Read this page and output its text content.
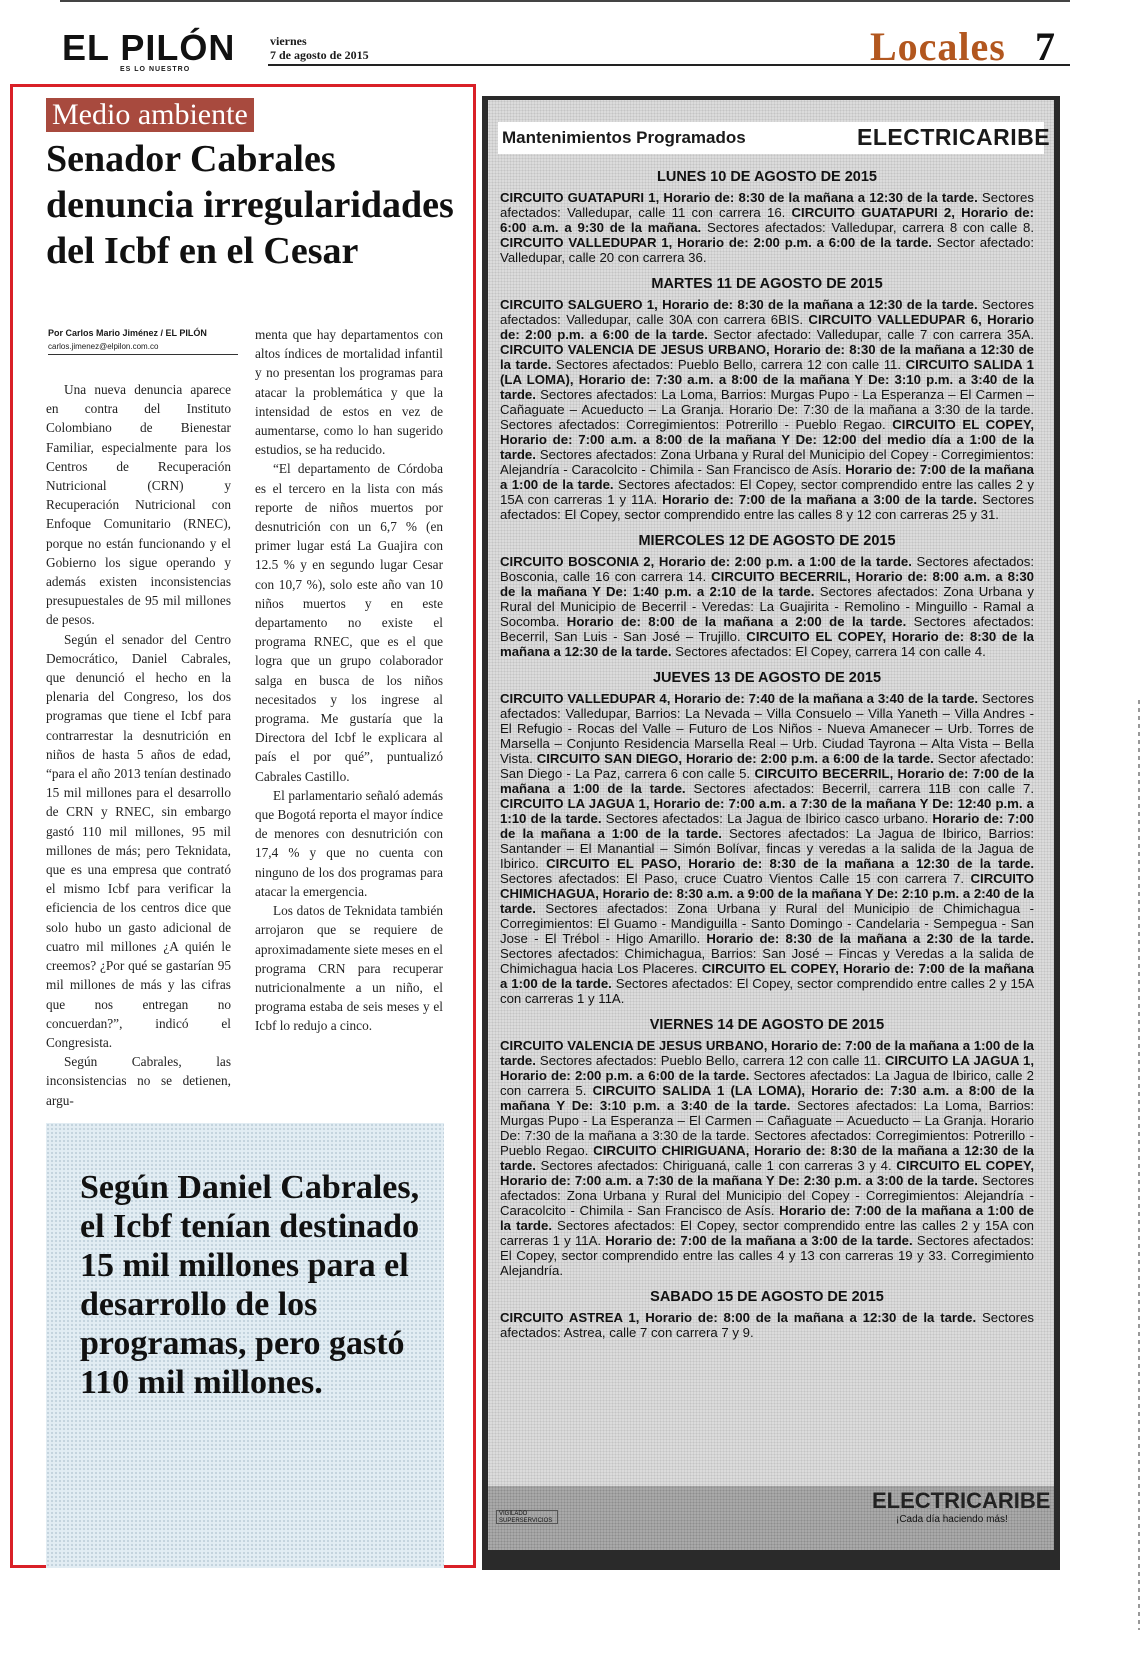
EL PILÓN
ES LO NUESTRO
viernes
7 de agosto de 2015	Locales 7
Medio ambiente
Senador Cabrales denuncia irregularidades del Icbf en el Cesar
Por Carlos Mario Jiménez / EL PILÓN
carlos.jimenez@elpilon.com.co

Una nueva denuncia aparece en contra del Instituto Colombiano de Bienestar Familiar, especialmente para los Centros de Recuperación Nutricional (CRN) y Recuperación Nutricional con Enfoque Comunitario (RNEC), porque no están funcionando y el Gobierno los sigue operando y además existen inconsistencias presupuestales de 95 mil millones de pesos.

Según el senador del Centro Democrático, Daniel Cabrales, que denunció el hecho en la plenaria del Congreso, los dos programas que tiene el Icbf para contrarrestar la desnutrición en niños de hasta 5 años de edad, “para el año 2013 tenían destinado 15 mil millones para el desarrollo de CRN y RNEC, sin embargo gastó 110 mil millones, 95 mil millones de más; pero Teknidata, que es una empresa que contrató el mismo Icbf para verificar la eficiencia de los centros dice que solo hubo un gasto adicional de cuatro mil millones ¿A quién le creemos? ¿Por qué se gastarían 95 mil millones de más y las cifras que nos entregan no concuerdan?”, indicó el Congresista.

Según Cabrales, las inconsistencias no se detienen, argu-

menta que hay departamentos con altos índices de mortalidad infantil y no presentan los programas para atacar la problemática y que la intensidad de estos en vez de aumentarse, como lo han sugerido estudios, se ha reducido.

“El departamento de Córdoba es el tercero en la lista con más reporte de niños muertos por desnutrición con un 6,7 % (en primer lugar está La Guajira con 12.5 % y en segundo lugar Cesar con 10,7 %), solo este año van 10 niños muertos y en este departamento no existe el programa RNEC, que es el que logra que un grupo colaborador salga en busca de los niños necesitados y los ingrese al programa. Me gustaría que la Directora del Icbf le explicara al país el por qué”, puntualizó Cabrales Castillo.

El parlamentario señaló además que Bogotá reporta el mayor índice de menores con desnutrición con 17,4 % y que no cuenta con ninguno de los dos programas para atacar la emergencia.

Los datos de Teknidata también arrojaron que se requiere de aproximadamente siete meses en el programa CRN para recuperar nutricionalmente a un niño, el programa estaba de seis meses y el Icbf lo redujo a cinco.

Según Daniel Cabrales, el Icbf tenían destinado 15 mil millones para el desarrollo de los programas, pero gastó 110 mil millones.
Mantenimientos Programados	ELECTRICARIBE
LUNES 10 DE AGOSTO DE 2015

CIRCUITO GUATAPURI 1, Horario de: 8:30 de la mañana a 12:30 de la tarde. Sectores afectados: Valledupar, calle 11 con carrera 16. CIRCUITO GUATAPURI 2, Horario de: 6:00 a.m. a 9:30 de la mañana. Sectores afectados: Valledupar, carrera 8 con calle 8. CIRCUITO VALLEDUPAR 1, Horario de: 2:00 p.m. a 6:00 de la tarde. Sector afectado: Valledupar, calle 20 con carrera 36.

MARTES 11 DE AGOSTO DE 2015

CIRCUITO SALGUERO 1, Horario de: 8:30 de la mañana a 12:30 de la tarde. Sectores afectados: Valledupar, calle 30A con carrera 6BIS. CIRCUITO VALLEDUPAR 6, Horario de: 2:00 p.m. a 6:00 de la tarde. Sector afectado: Valledupar, calle 7 con carrera 35A. CIRCUITO VALENCIA DE JESUS URBANO, Horario de: 8:30 de la mañana a 12:30 de la tarde. Sectores afectados: Pueblo Bello, carrera 12 con calle 11. CIRCUITO SALIDA 1 (LA LOMA), Horario de: 7:30 a.m. a 8:00 de la mañana Y De: 3:10 p.m. a 3:40 de la tarde. Sectores afectados: La Loma, Barrios: Murgas Pupo - La Esperanza – El Carmen – Cañaguate – Acueducto – La Granja. Horario De: 7:30 de la mañana a 3:30 de la tarde. Sectores afectados: Corregimientos: Potrerillo - Pueblo Regao. CIRCUITO EL COPEY, Horario de: 7:00 a.m. a 8:00 de la mañana Y De: 12:00 del medio día a 1:00 de la tarde. Sectores afectados: Zona Urbana y Rural del Municipio del Copey - Corregimientos: Alejandría - Caracolcito - Chimila - San Francisco de Asís. Horario de: 7:00 de la mañana a 1:00 de la tarde. Sectores afectados: El Copey, sector comprendido entre las calles 2 y 15A con carreras 1 y 11A. Horario de: 7:00 de la mañana a 3:00 de la tarde. Sectores afectados: El Copey, sector comprendido entre las calles 8 y 12 con carreras 25 y 31.

MIERCOLES 12 DE AGOSTO DE 2015

CIRCUITO BOSCONIA 2, Horario de: 2:00 p.m. a 1:00 de la tarde. Sectores afectados: Bosconia, calle 16 con carrera 14. CIRCUITO BECERRIL, Horario de: 8:00 a.m. a 8:30 de la mañana Y De: 1:40 p.m. a 2:10 de la tarde. Sectores afectados: Zona Urbana y Rural del Municipio de Becerril - Veredas: La Guajirita - Remolino - Minguillo - Ramal a Socomba. Horario de: 8:00 de la mañana a 2:00 de la tarde. Sectores afectados: Becerril, San Luis - San José – Trujillo. CIRCUITO EL COPEY, Horario de: 8:30 de la mañana a 12:30 de la tarde. Sectores afectados: El Copey, carrera 14 con calle 4.

JUEVES 13 DE AGOSTO DE 2015

CIRCUITO VALLEDUPAR 4, Horario de: 7:40 de la mañana a 3:40 de la tarde. Sectores afectados: Valledupar, Barrios: La Nevada – Villa Consuelo – Villa Yaneth – Villa Andres - El Refugio - Rocas del Valle – Futuro de Los Niños - Nueva Amanecer – Urb. Torres de Marsella – Conjunto Residencia Marsella Real – Urb. Ciudad Tayrona – Alta Vista – Bella Vista. CIRCUITO SAN DIEGO, Horario de: 2:00 p.m. a 6:00 de la tarde. Sector afectado: San Diego - La Paz, carrera 6 con calle 5. CIRCUITO BECERRIL, Horario de: 7:00 de la mañana a 1:00 de la tarde. Sectores afectados: Becerril, carrera 11B con calle 7. CIRCUITO LA JAGUA 1, Horario de: 7:00 a.m. a 7:30 de la mañana Y De: 12:40 p.m. a 1:10 de la tarde. Sectores afectados: La Jagua de Ibirico casco urbano. Horario de: 7:00 de la mañana a 1:00 de la tarde. Sectores afectados: La Jagua de Ibirico, Barrios: Santander – El Manantial – Simón Bolívar, fincas y veredas a la salida de la Jagua de Ibirico. CIRCUITO EL PASO, Horario de: 8:30 de la mañana a 12:30 de la tarde. Sectores afectados: El Paso, cruce Cuatro Vientos Calle 15 con carrera 7. CIRCUITO CHIMICHAGUA, Horario de: 8:30 a.m. a 9:00 de la mañana Y De: 2:10 p.m. a 2:40 de la tarde. Sectores afectados: Zona Urbana y Rural del Municipio de Chimichagua - Corregimientos: El Guamo - Mandiguilla - Santo Domingo - Candelaria - Sempegua - San Jose - El Trébol - Higo Amarillo. Horario de: 8:30 de la mañana a 2:30 de la tarde. Sectores afectados: Chimichagua, Barrios: San José – Fincas y Veredas a la salida de Chimichagua hacia Los Placeres. CIRCUITO EL COPEY, Horario de: 7:00 de la mañana a 1:00 de la tarde. Sectores afectados: El Copey, sector comprendido entre calles 2 y 15A con carreras 1 y 11A.

VIERNES 14 DE AGOSTO DE 2015

CIRCUITO VALENCIA DE JESUS URBANO, Horario de: 7:00 de la mañana a 1:00 de la tarde. Sectores afectados: Pueblo Bello, carrera 12 con calle 11. CIRCUITO LA JAGUA 1, Horario de: 2:00 p.m. a 6:00 de la tarde. Sectores afectados: La Jagua de Ibirico, calle 2 con carrera 5. CIRCUITO SALIDA 1 (LA LOMA), Horario de: 7:30 a.m. a 8:00 de la mañana Y De: 3:10 p.m. a 3:40 de la tarde. Sectores afectados: La Loma, Barrios: Murgas Pupo - La Esperanza – El Carmen – Cañaguate – Acueducto – La Granja. Horario De: 7:30 de la mañana a 3:30 de la tarde. Sectores afectados: Corregimientos: Potrerillo - Pueblo Regao. CIRCUITO CHIRIGUANA, Horario de: 8:30 de la mañana a 12:30 de la tarde. Sectores afectados: Chiriguaná, calle 1 con carreras 3 y 4. CIRCUITO EL COPEY, Horario de: 7:00 a.m. a 7:30 de la mañana Y De: 2:30 p.m. a 3:00 de la tarde. Sectores afectados: Zona Urbana y Rural del Municipio del Copey - Corregimientos: Alejandría - Caracolcito - Chimila - San Francisco de Asís. Horario de: 7:00 de la mañana a 1:00 de la tarde. Sectores afectados: El Copey, sector comprendido entre las calles 2 y 15A con carreras 1 y 11A. Horario de: 7:00 de la mañana a 3:00 de la tarde. Sectores afectados: El Copey, sector comprendido entre las calles 4 y 13 con carreras 19 y 33. Corregimiento Alejandría.

SABADO 15 DE AGOSTO DE 2015

CIRCUITO ASTREA 1, Horario de: 8:00 de la mañana a 12:30 de la tarde. Sectores afectados: Astrea, calle 7 con carrera 7 y 9.

VIGILADO SUPERSERVICIOS
ELECTRICARIBE
¡Cada día haciendo más!
